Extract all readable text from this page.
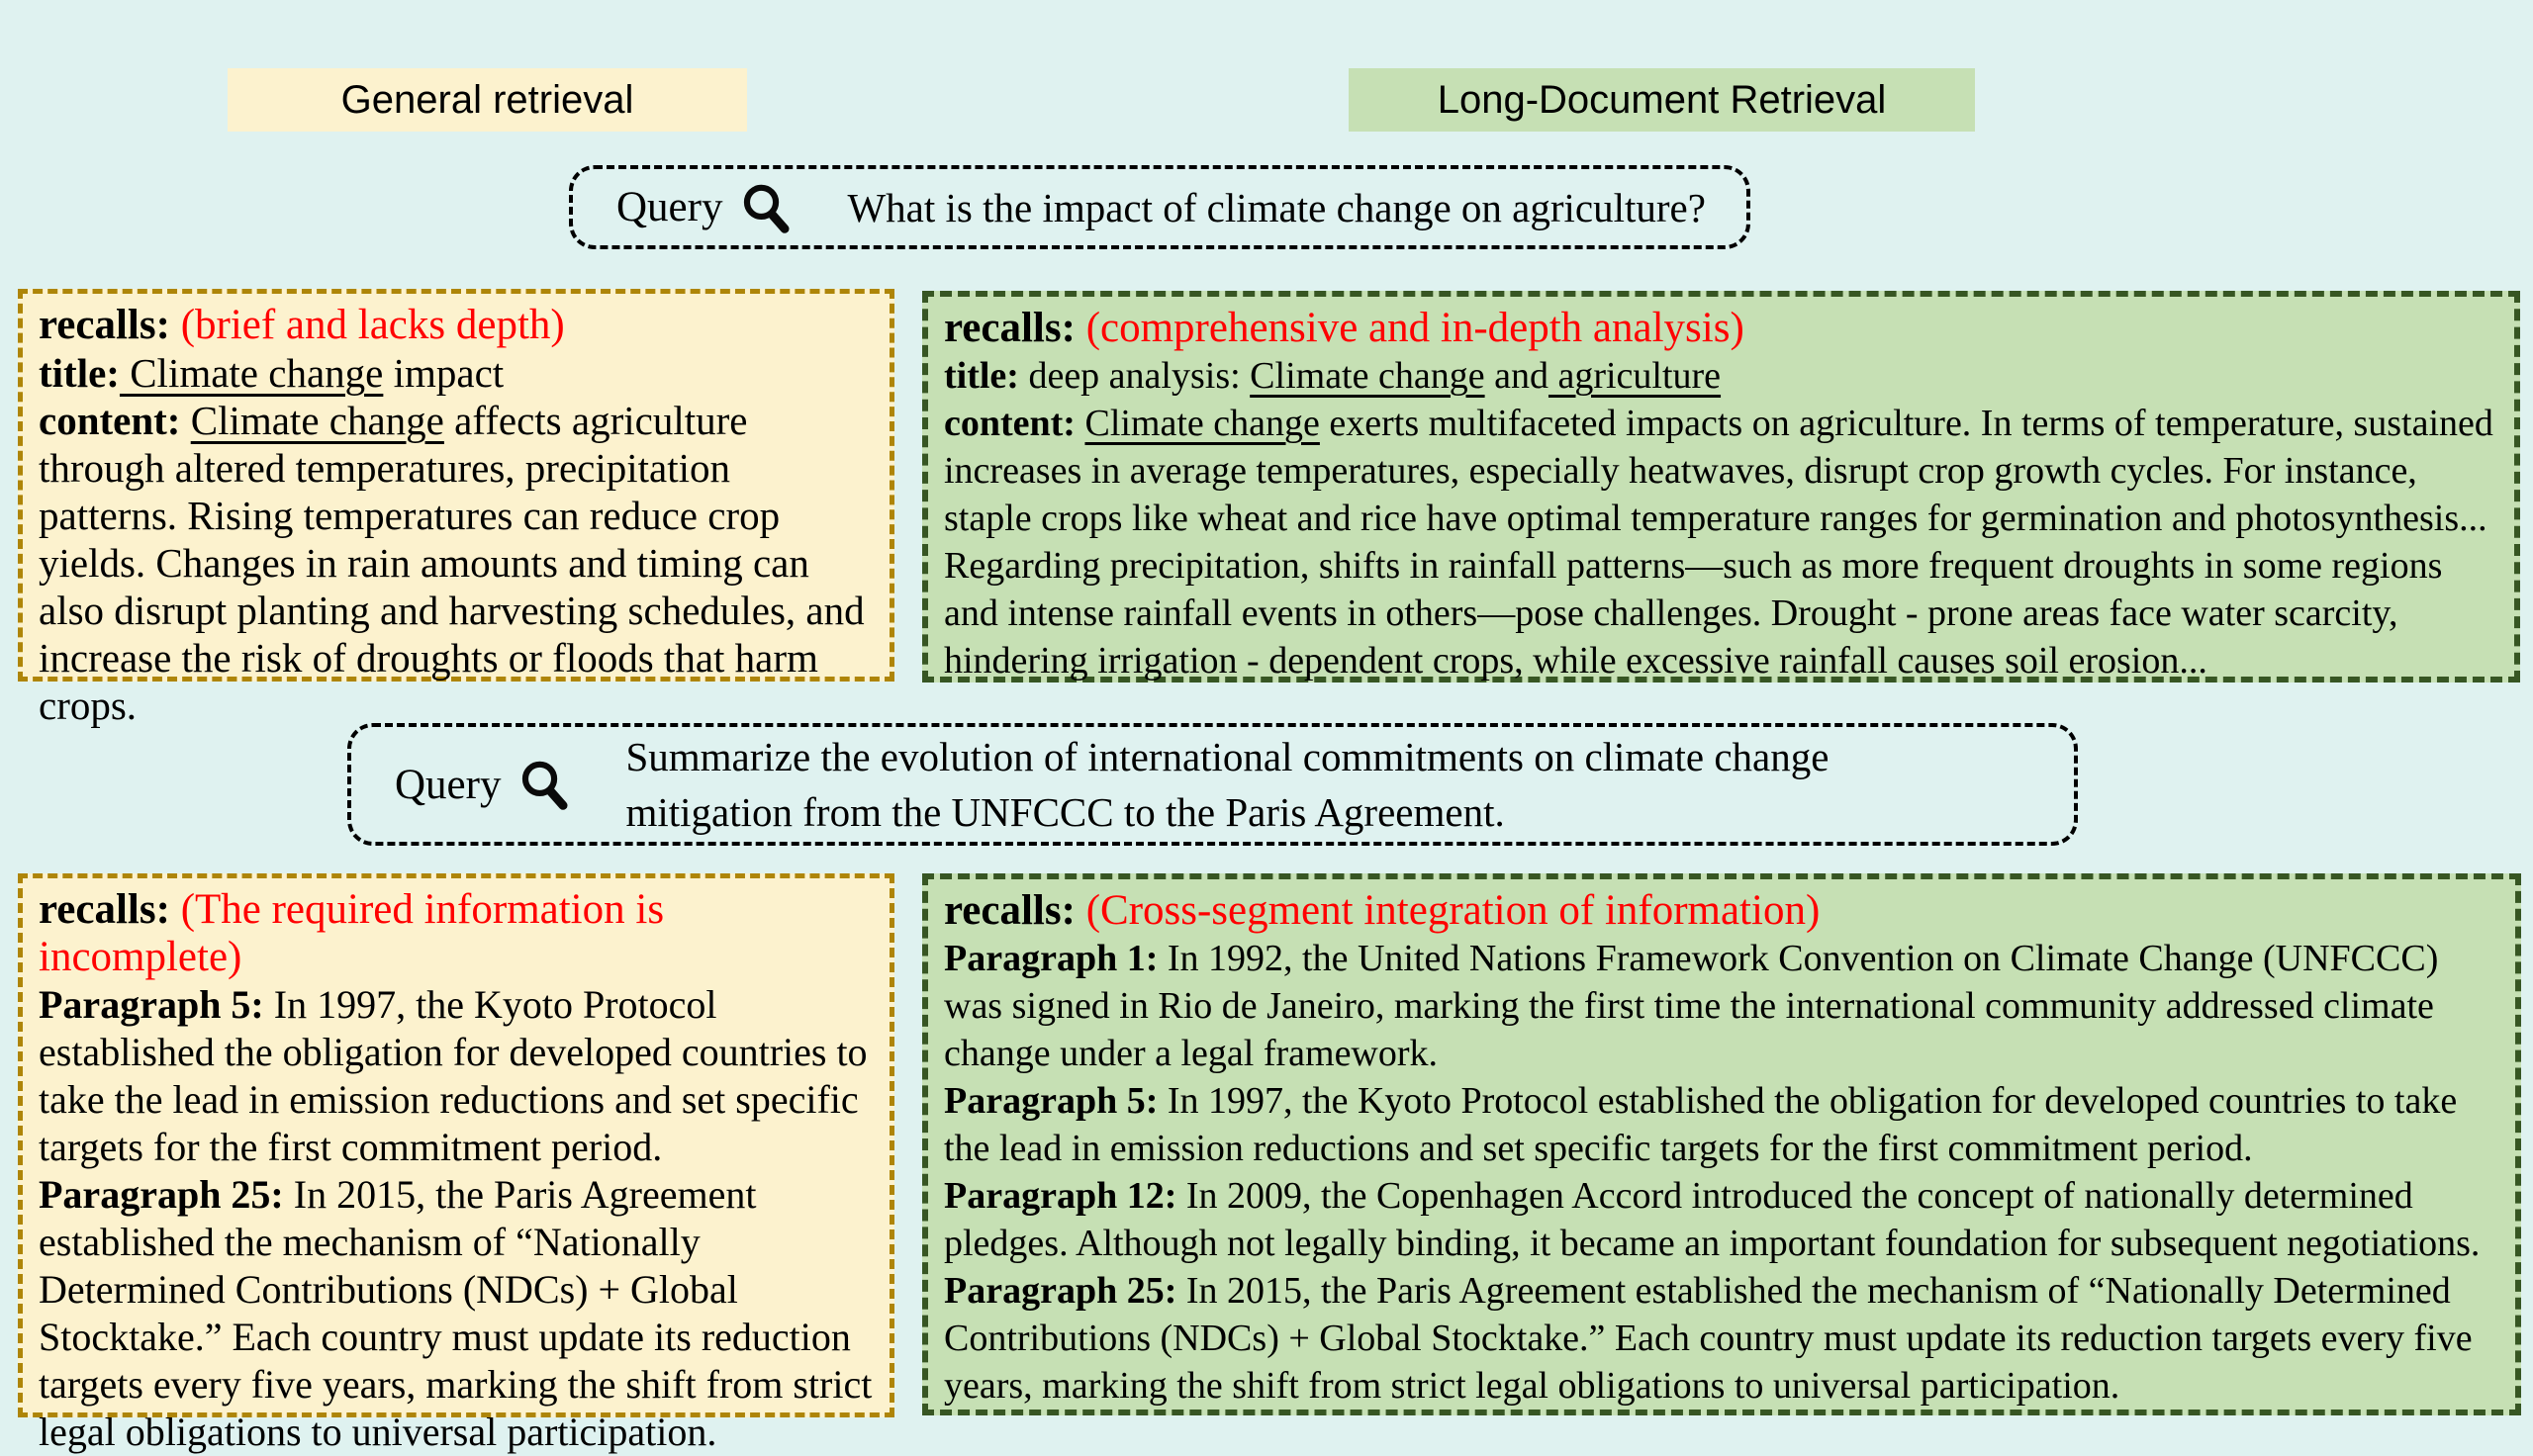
General retrieval	Long-Document Retrieval
Query	What is the impact of climate change on agriculture?

recalls: (brief and lacks depth)

title: Climate change impact

content: Climate change affects agriculture through altered temperatures, precipitation patterns. Rising temperatures can reduce crop yields. Changes in rain amounts and timing can also disrupt planting and harvesting schedules, and increase the risk of droughts or floods that harm crops.

recalls: (comprehensive and in-depth analysis)

title: deep analysis: Climate change and agriculture

content: Climate change exerts multifaceted impacts on agriculture. In terms of temperature, sustained increases in average temperatures, especially heatwaves, disrupt crop growth cycles. For instance, staple crops like wheat and rice have optimal temperature ranges for germination and photosynthesis...
Regarding precipitation, shifts in rainfall patterns—such as more frequent droughts in some regions and intense rainfall events in others—pose challenges. Drought - prone areas face water scarcity, hindering irrigation - dependent crops, while excessive rainfall causes soil erosion...

Query
Summarize the evolution of international commitments on climate change mitigation from the UNFCCC to the Paris Agreement.

recalls: (The required information is incomplete)

Paragraph 5: In 1997, the Kyoto Protocol established the obligation for developed countries to take the lead in emission reductions and set specific targets for the first commitment period.

Paragraph 25: In 2015, the Paris Agreement established the mechanism of “Nationally Determined Contributions (NDCs) + Global Stocktake.” Each country must update its reduction targets every five years, marking the shift from strict legal obligations to universal participation.

recalls: (Cross-segment integration of information)

Paragraph 1: In 1992, the United Nations Framework Convention on Climate Change (UNFCCC) was signed in Rio de Janeiro, marking the first time the international community addressed climate change under a legal framework.

Paragraph 5: In 1997, the Kyoto Protocol established the obligation for developed countries to take the lead in emission reductions and set specific targets for the first commitment period.

Paragraph 12: In 2009, the Copenhagen Accord introduced the concept of nationally determined pledges. Although not legally binding, it became an important foundation for subsequent negotiations.

Paragraph 25: In 2015, the Paris Agreement established the mechanism of “Nationally Determined Contributions (NDCs) + Global Stocktake.” Each country must update its reduction targets every five years, marking the shift from strict legal obligations to universal participation.
